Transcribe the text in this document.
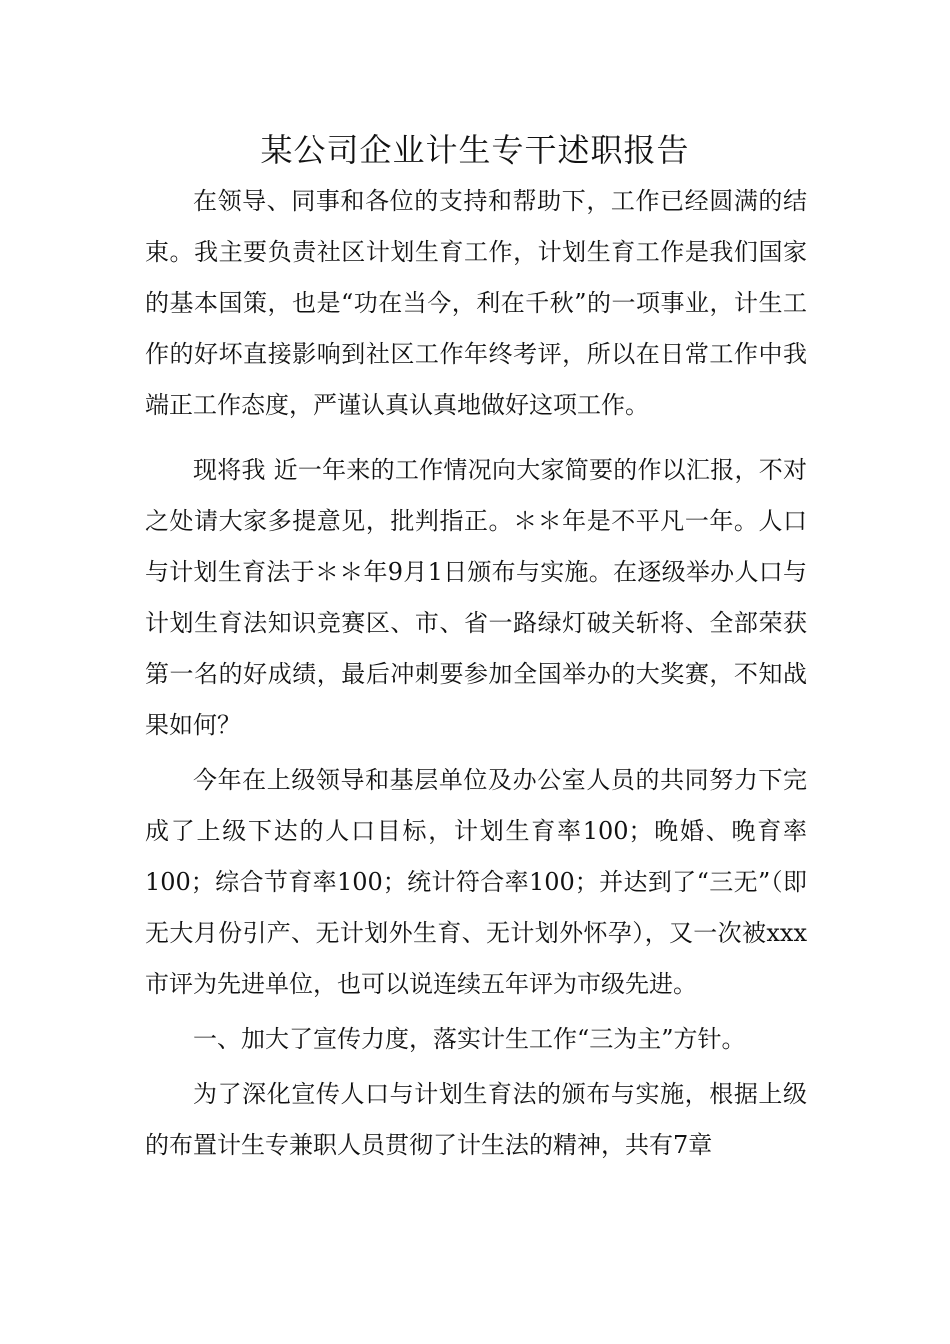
某公司企业计生专干述职报告

在领导、同事和各位的支持和帮助下，工作已经圆满的结束。我主要负责社区计划生育工作，计划生育工作是我们国家的基本国策，也是“功在当今，利在千秋”的一项事业，计生工作的好坏直接影响到社区工作年终考评，所以在日常工作中我端正工作态度，严谨认真认真地做好这项工作。

现将我 近一年来的工作情况向大家简要的作以汇报，不对之处请大家多提意见，批判指正。＊＊年是不平凡一年。人口与计划生育法于＊＊年9月1日颁布与实施。在逐级举办人口与计划生育法知识竞赛区、市、省一路绿灯破关斩将、全部荣获第一名的好成绩，最后冲刺要参加全国举办的大奖赛，不知战果如何？

今年在上级领导和基层单位及办公室人员的共同努力下完成了上级下达的人口目标，计划生育率100；晚婚、晚育率100；综合节育率100；统计符合率100；并达到了“三无”（即无大月份引产、无计划外生育、无计划外怀孕），又一次被xxx市评为先进单位，也可以说连续五年评为市级先进。

一、加大了宣传力度，落实计生工作“三为主”方针。

为了深化宣传人口与计划生育法的颁布与实施，根据上级的布置计生专兼职人员贯彻了计生法的精神，共有7章
